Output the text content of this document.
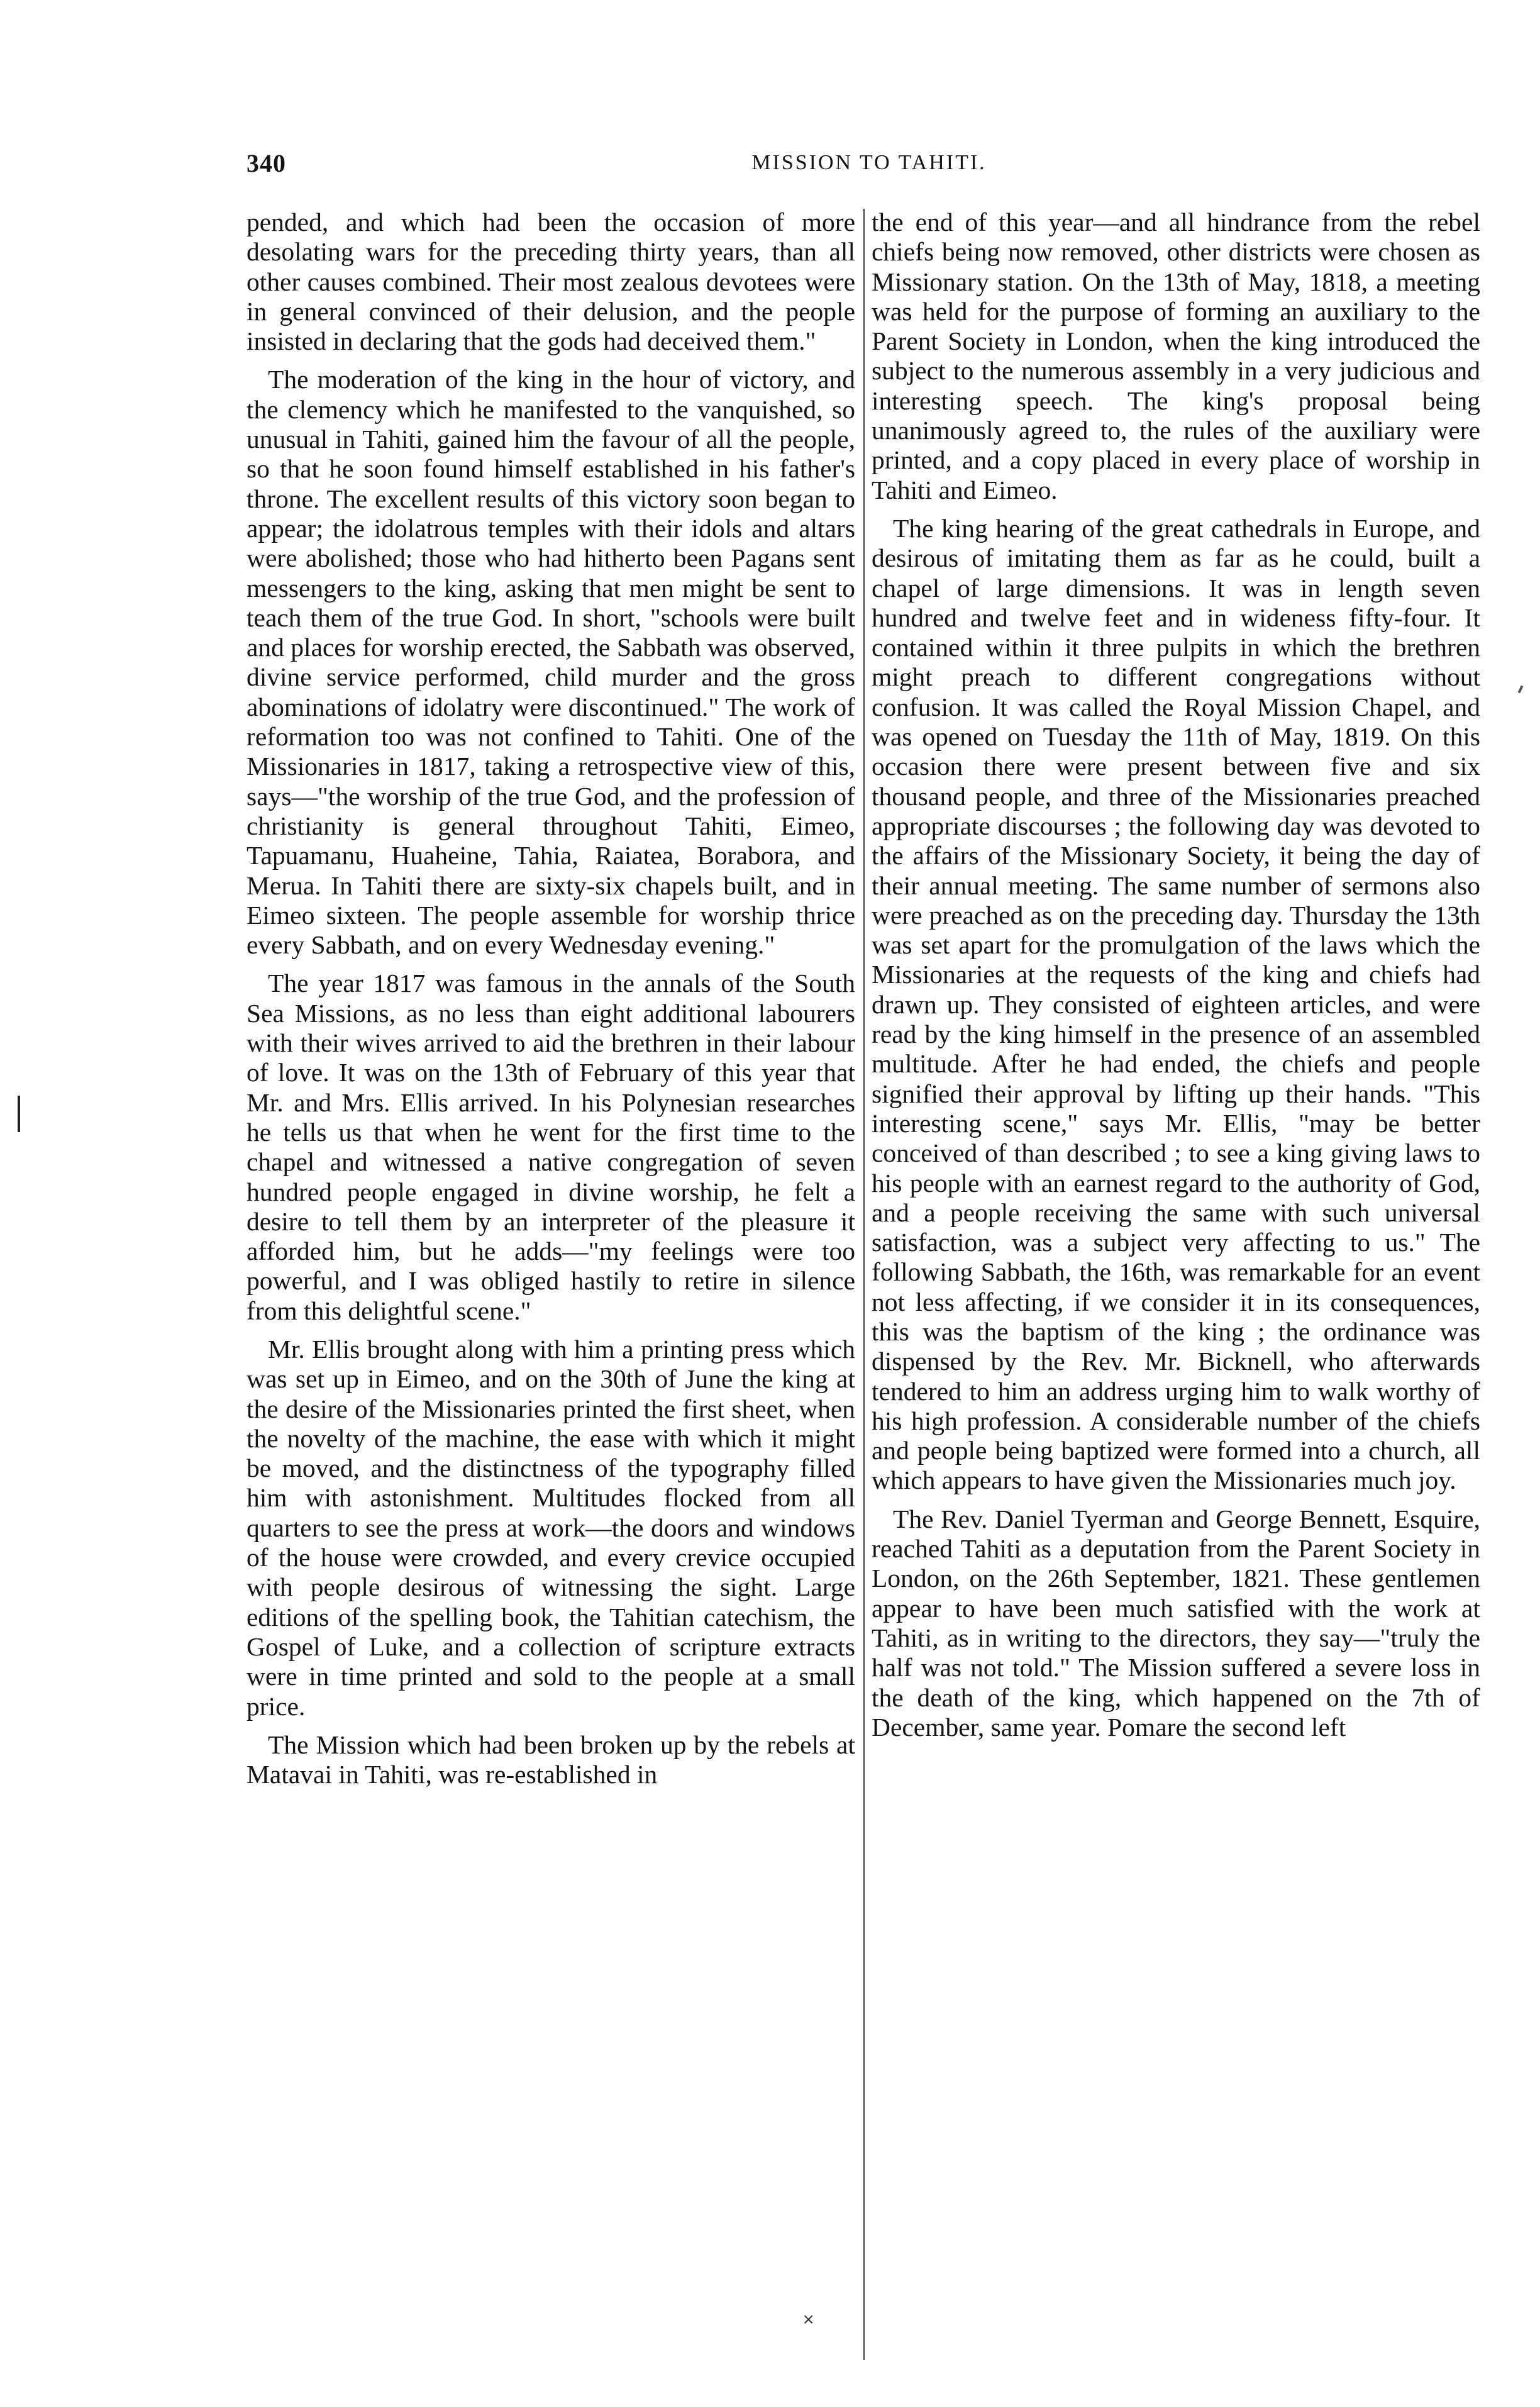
340	MISSION TO TAHITI.

pended, and which had been the occasion of more desolating wars for the preceding thirty years, than all other causes combined. Their most zealous devotees were in general convinced of their delusion, and the people insisted in declaring that the gods had deceived them."

The moderation of the king in the hour of victory, and the clemency which he manifested to the vanquished, so unusual in Tahiti, gained him the favour of all the people, so that he soon found himself established in his father's throne. The excellent results of this victory soon began to appear; the idolatrous temples with their idols and altars were abolished; those who had hitherto been Pagans sent messengers to the king, asking that men might be sent to teach them of the true God. In short, "schools were built and places for worship erected, the Sabbath was observed, divine service performed, child murder and the gross abominations of idolatry were discontinued." The work of reformation too was not confined to Tahiti. One of the Missionaries in 1817, taking a retrospective view of this, says—"the worship of the true God, and the profession of christianity is general throughout Tahiti, Eimeo, Tapuamanu, Huaheine, Tahia, Raiatea, Borabora, and Merua. In Tahiti there are sixty-six chapels built, and in Eimeo sixteen. The people assemble for worship thrice every Sabbath, and on every Wednesday evening."

The year 1817 was famous in the annals of the South Sea Missions, as no less than eight additional labourers with their wives arrived to aid the brethren in their labour of love. It was on the 13th of February of this year that Mr. and Mrs. Ellis arrived. In his Polynesian researches he tells us that when he went for the first time to the chapel and witnessed a native congregation of seven hundred people engaged in divine worship, he felt a desire to tell them by an interpreter of the pleasure it afforded him, but he adds—"my feelings were too powerful, and I was obliged hastily to retire in silence from this delightful scene."

Mr. Ellis brought along with him a printing press which was set up in Eimeo, and on the 30th of June the king at the desire of the Missionaries printed the first sheet, when the novelty of the machine, the ease with which it might be moved, and the distinctness of the typography filled him with astonishment. Multitudes flocked from all quarters to see the press at work—the doors and windows of the house were crowded, and every crevice occupied with people desirous of witnessing the sight. Large editions of the spelling book, the Tahitian catechism, the Gospel of Luke, and a collection of scripture extracts were in time printed and sold to the people at a small price.

The Mission which had been broken up by the rebels at Matavai in Tahiti, was re-established in

the end of this year—and all hindrance from the rebel chiefs being now removed, other districts were chosen as Missionary station. On the 13th of May, 1818, a meeting was held for the purpose of forming an auxiliary to the Parent Society in London, when the king introduced the subject to the numerous assembly in a very judicious and interesting speech. The king's proposal being unanimously agreed to, the rules of the auxiliary were printed, and a copy placed in every place of worship in Tahiti and Eimeo.

The king hearing of the great cathedrals in Europe, and desirous of imitating them as far as he could, built a chapel of large dimensions. It was in length seven hundred and twelve feet and in wideness fifty-four. It contained within it three pulpits in which the brethren might preach to different congregations without confusion. It was called the Royal Mission Chapel, and was opened on Tuesday the 11th of May, 1819. On this occasion there were present between five and six thousand people, and three of the Missionaries preached appropriate discourses ; the following day was devoted to the affairs of the Missionary Society, it being the day of their annual meeting. The same number of sermons also were preached as on the preceding day. Thursday the 13th was set apart for the promulgation of the laws which the Missionaries at the requests of the king and chiefs had drawn up. They consisted of eighteen articles, and were read by the king himself in the presence of an assembled multitude. After he had ended, the chiefs and people signified their approval by lifting up their hands. "This interesting scene," says Mr. Ellis, "may be better conceived of than described ; to see a king giving laws to his people with an earnest regard to the authority of God, and a people receiving the same with such universal satisfaction, was a subject very affecting to us." The following Sabbath, the 16th, was remarkable for an event not less affecting, if we consider it in its consequences, this was the baptism of the king ; the ordinance was dispensed by the Rev. Mr. Bicknell, who afterwards tendered to him an address urging him to walk worthy of his high profession. A considerable number of the chiefs and people being baptized were formed into a church, all which appears to have given the Missionaries much joy.

The Rev. Daniel Tyerman and George Bennett, Esquire, reached Tahiti as a deputation from the Parent Society in London, on the 26th September, 1821. These gentlemen appear to have been much satisfied with the work at Tahiti, as in writing to the directors, they say—"truly the half was not told." The Mission suffered a severe loss in the death of the king, which happened on the 7th of December, same year. Pomare the second left

˟
